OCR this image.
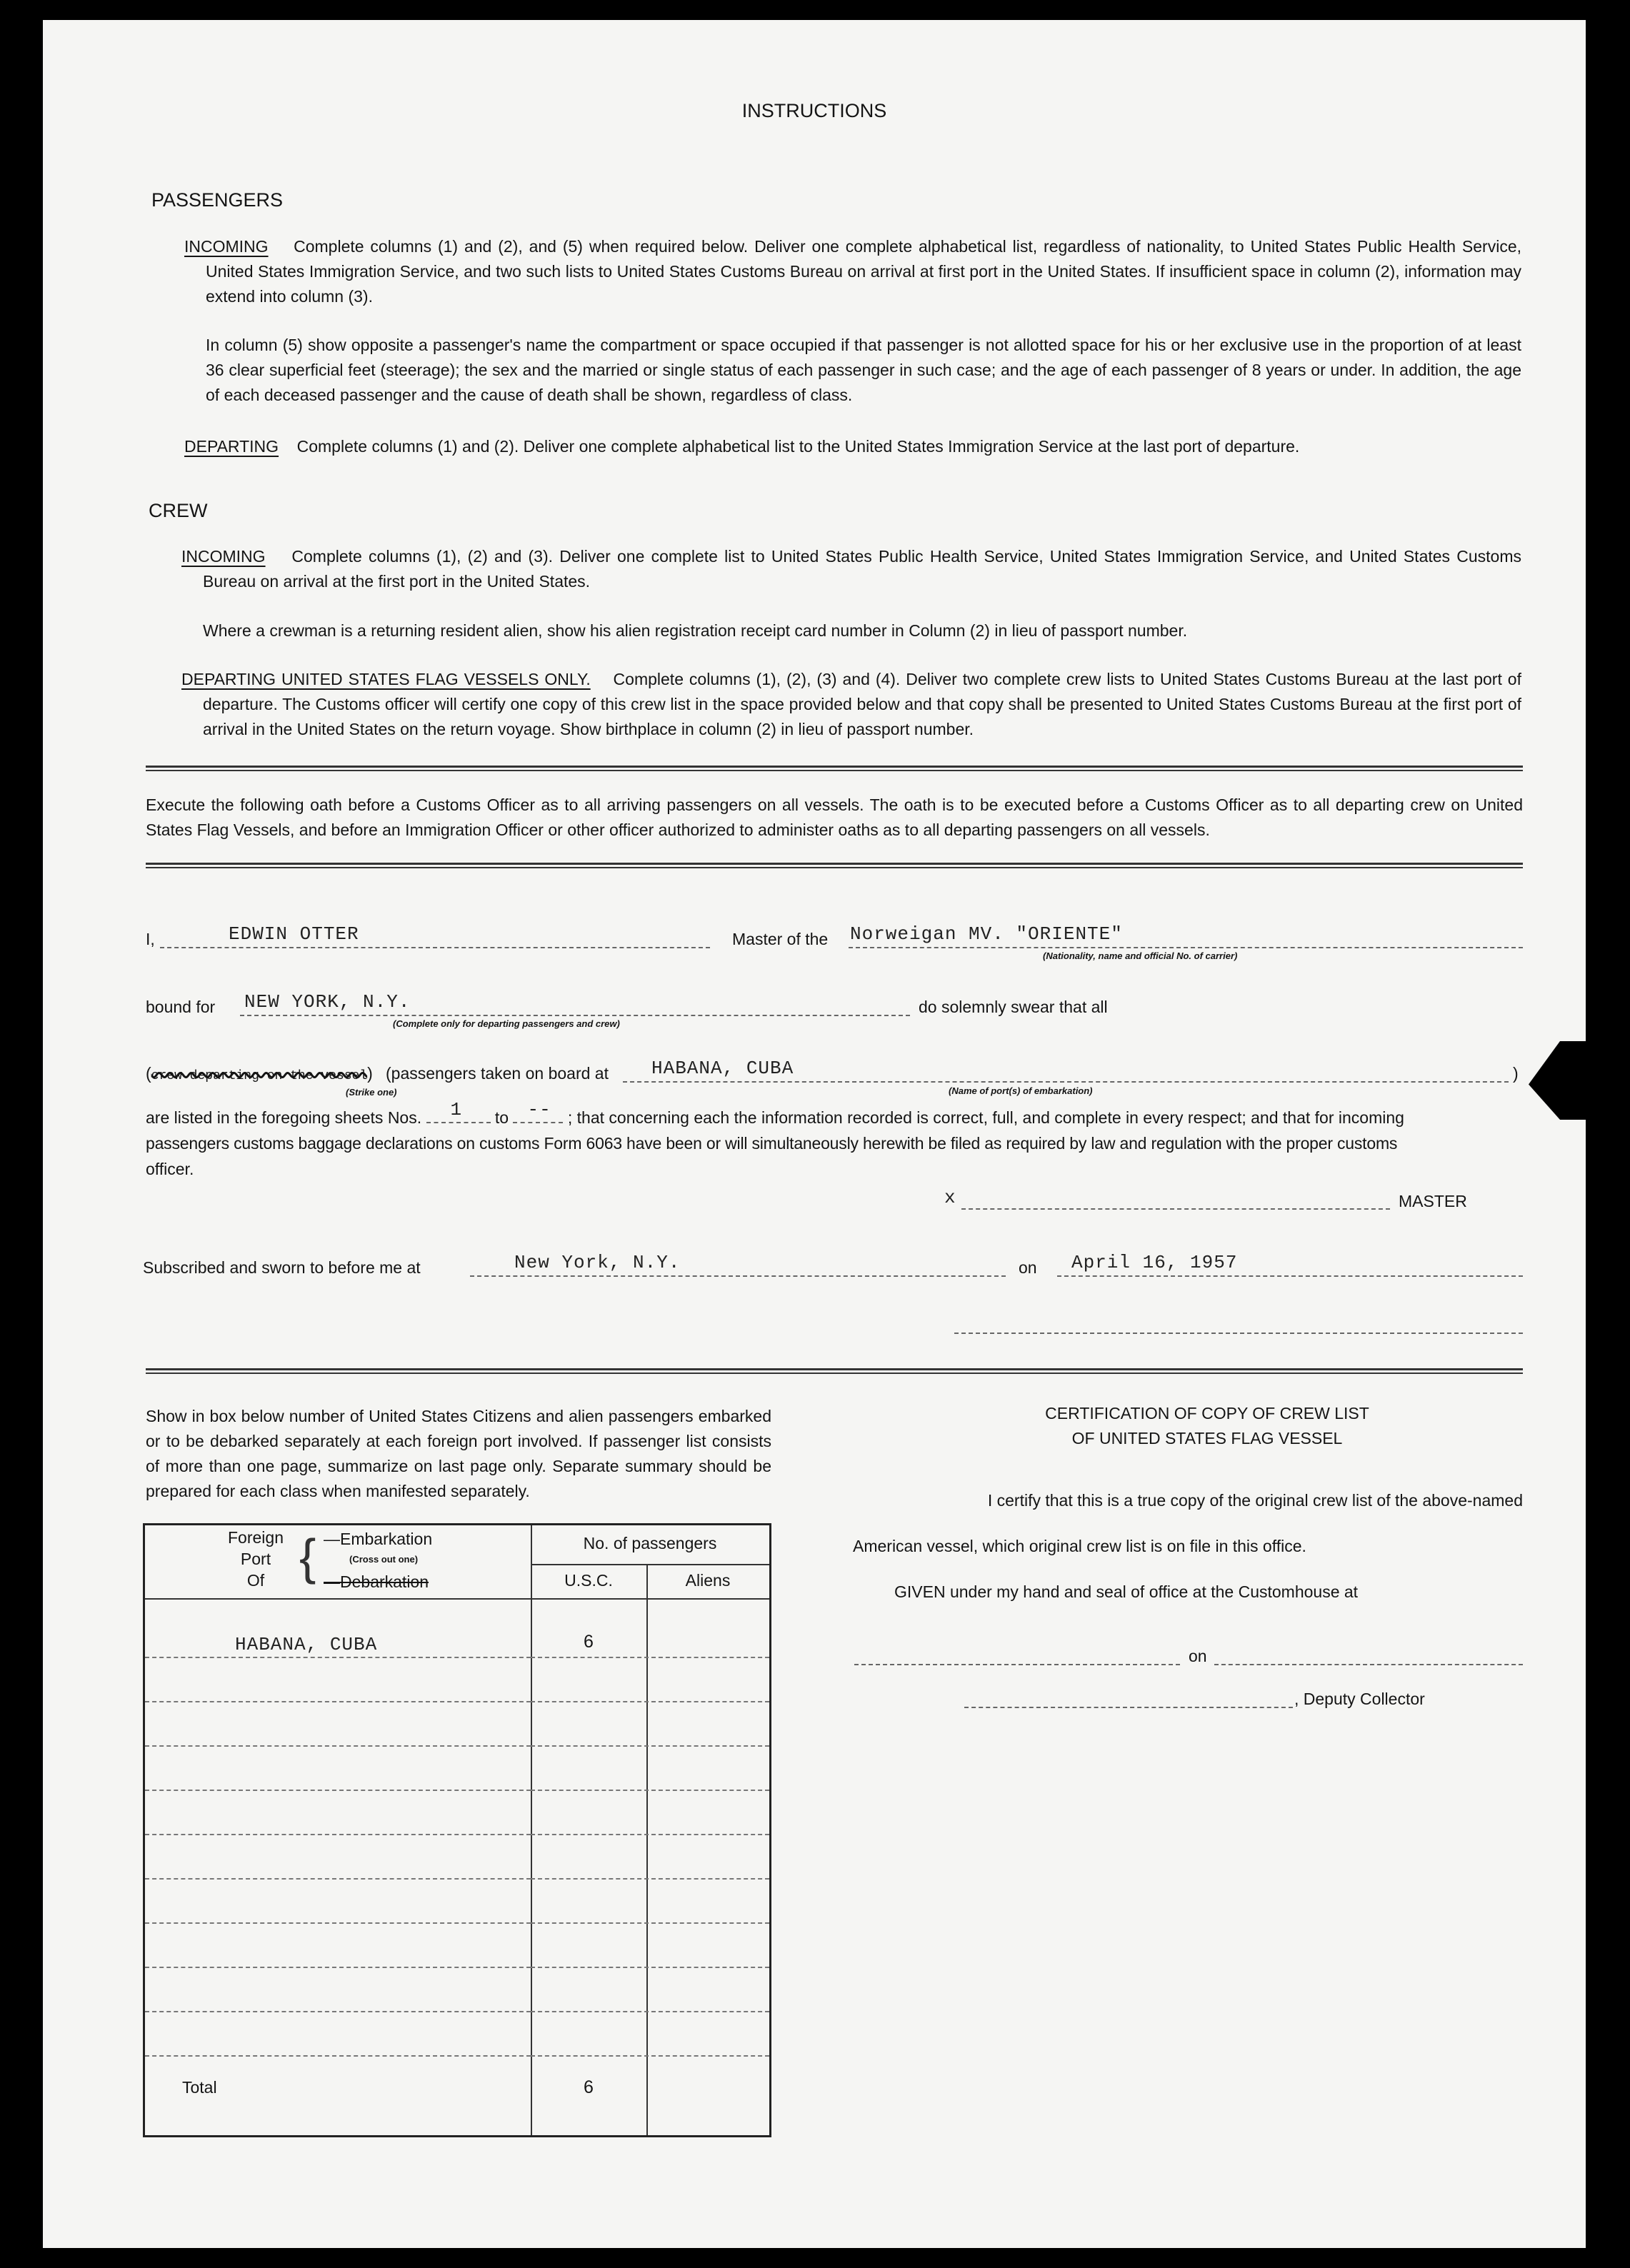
INSTRUCTIONS
PASSENGERS
INCOMING Complete columns (1) and (2), and (5) when required below. Deliver one complete alphabetical list, regardless of nationality, to United States Public Health Service, United States Immigration Service, and two such lists to United States Customs Bureau on arrival at first port in the United States. If insufficient space in column (2), information may extend into column (3).
In column (5) show opposite a passenger's name the compartment or space occupied if that passenger is not allotted space for his or her exclusive use in the proportion of at least 36 clear superficial feet (steerage); the sex and the married or single status of each passenger in such case; and the age of each passenger of 8 years or under. In addition, the age of each deceased passenger and the cause of death shall be shown, regardless of class.
DEPARTING Complete columns (1) and (2). Deliver one complete alphabetical list to the United States Immigration Service at the last port of departure.
CREW
INCOMING Complete columns (1), (2) and (3). Deliver one complete list to United States Public Health Service, United States Immigration Service, and United States Customs Bureau on arrival at the first port in the United States.
Where a crewman is a returning resident alien, show his alien registration receipt card number in Column (2) in lieu of passport number.
DEPARTING UNITED STATES FLAG VESSELS ONLY. Complete columns (1), (2), (3) and (4). Deliver two complete crew lists to United States Customs Bureau at the last port of departure. The Customs officer will certify one copy of this crew list in the space provided below and that copy shall be presented to United States Customs Bureau at the first port of arrival in the United States on the return voyage. Show birthplace in column (2) in lieu of passport number.
Execute the following oath before a Customs Officer as to all arriving passengers on all vessels. The oath is to be executed before a Customs Officer as to all departing crew on United States Flag Vessels, and before an Immigration Officer or other officer authorized to administer oaths as to all departing passengers on all vessels.
I,	EDWIN OTTER	Master of the Norweigan MV. "ORIENTE"
(Nationality, name and official No. of carrier)
bound for NEW YORK, N.Y.
(Complete only for departing passengers and crew)
do solemnly swear that all
(crew departing on the vessel)
(Strike one)
(passengers taken on board at HABANA, CUBA
(Name of port(s) of embarkation)
)
are listed in the foregoing sheets Nos. 1 to -- ; that concerning each the information recorded is correct, full, and complete in every respect; and that for incoming
passengers customs baggage declarations on customs Form 6063 have been or will simultaneously herewith be filed as required by law and regulation with the proper customs
officer.
x	MASTER
Subscribed and sworn to before me at	New York, N.Y.	on April 16, 1957
Show in box below number of United States Citizens and alien passengers embarked or to be debarked separately at each foreign port involved. If passenger list consists of more than one page, summarize on last page only. Separate summary should be prepared for each class when manifested separately.
Foreign
Port
Of { —Embarkation
(Cross out one)
—Debarkation
No. of passengers
U.S.C.	Aliens
HABANA, CUBA	6
Total	6
CERTIFICATION OF COPY OF CREW LIST
OF UNITED STATES FLAG VESSEL
I certify that this is a true copy of the original crew list of the above-named
American vessel, which original crew list is on file in this office.
GIVEN under my hand and seal of office at the Customhouse at
on
, Deputy Collector
